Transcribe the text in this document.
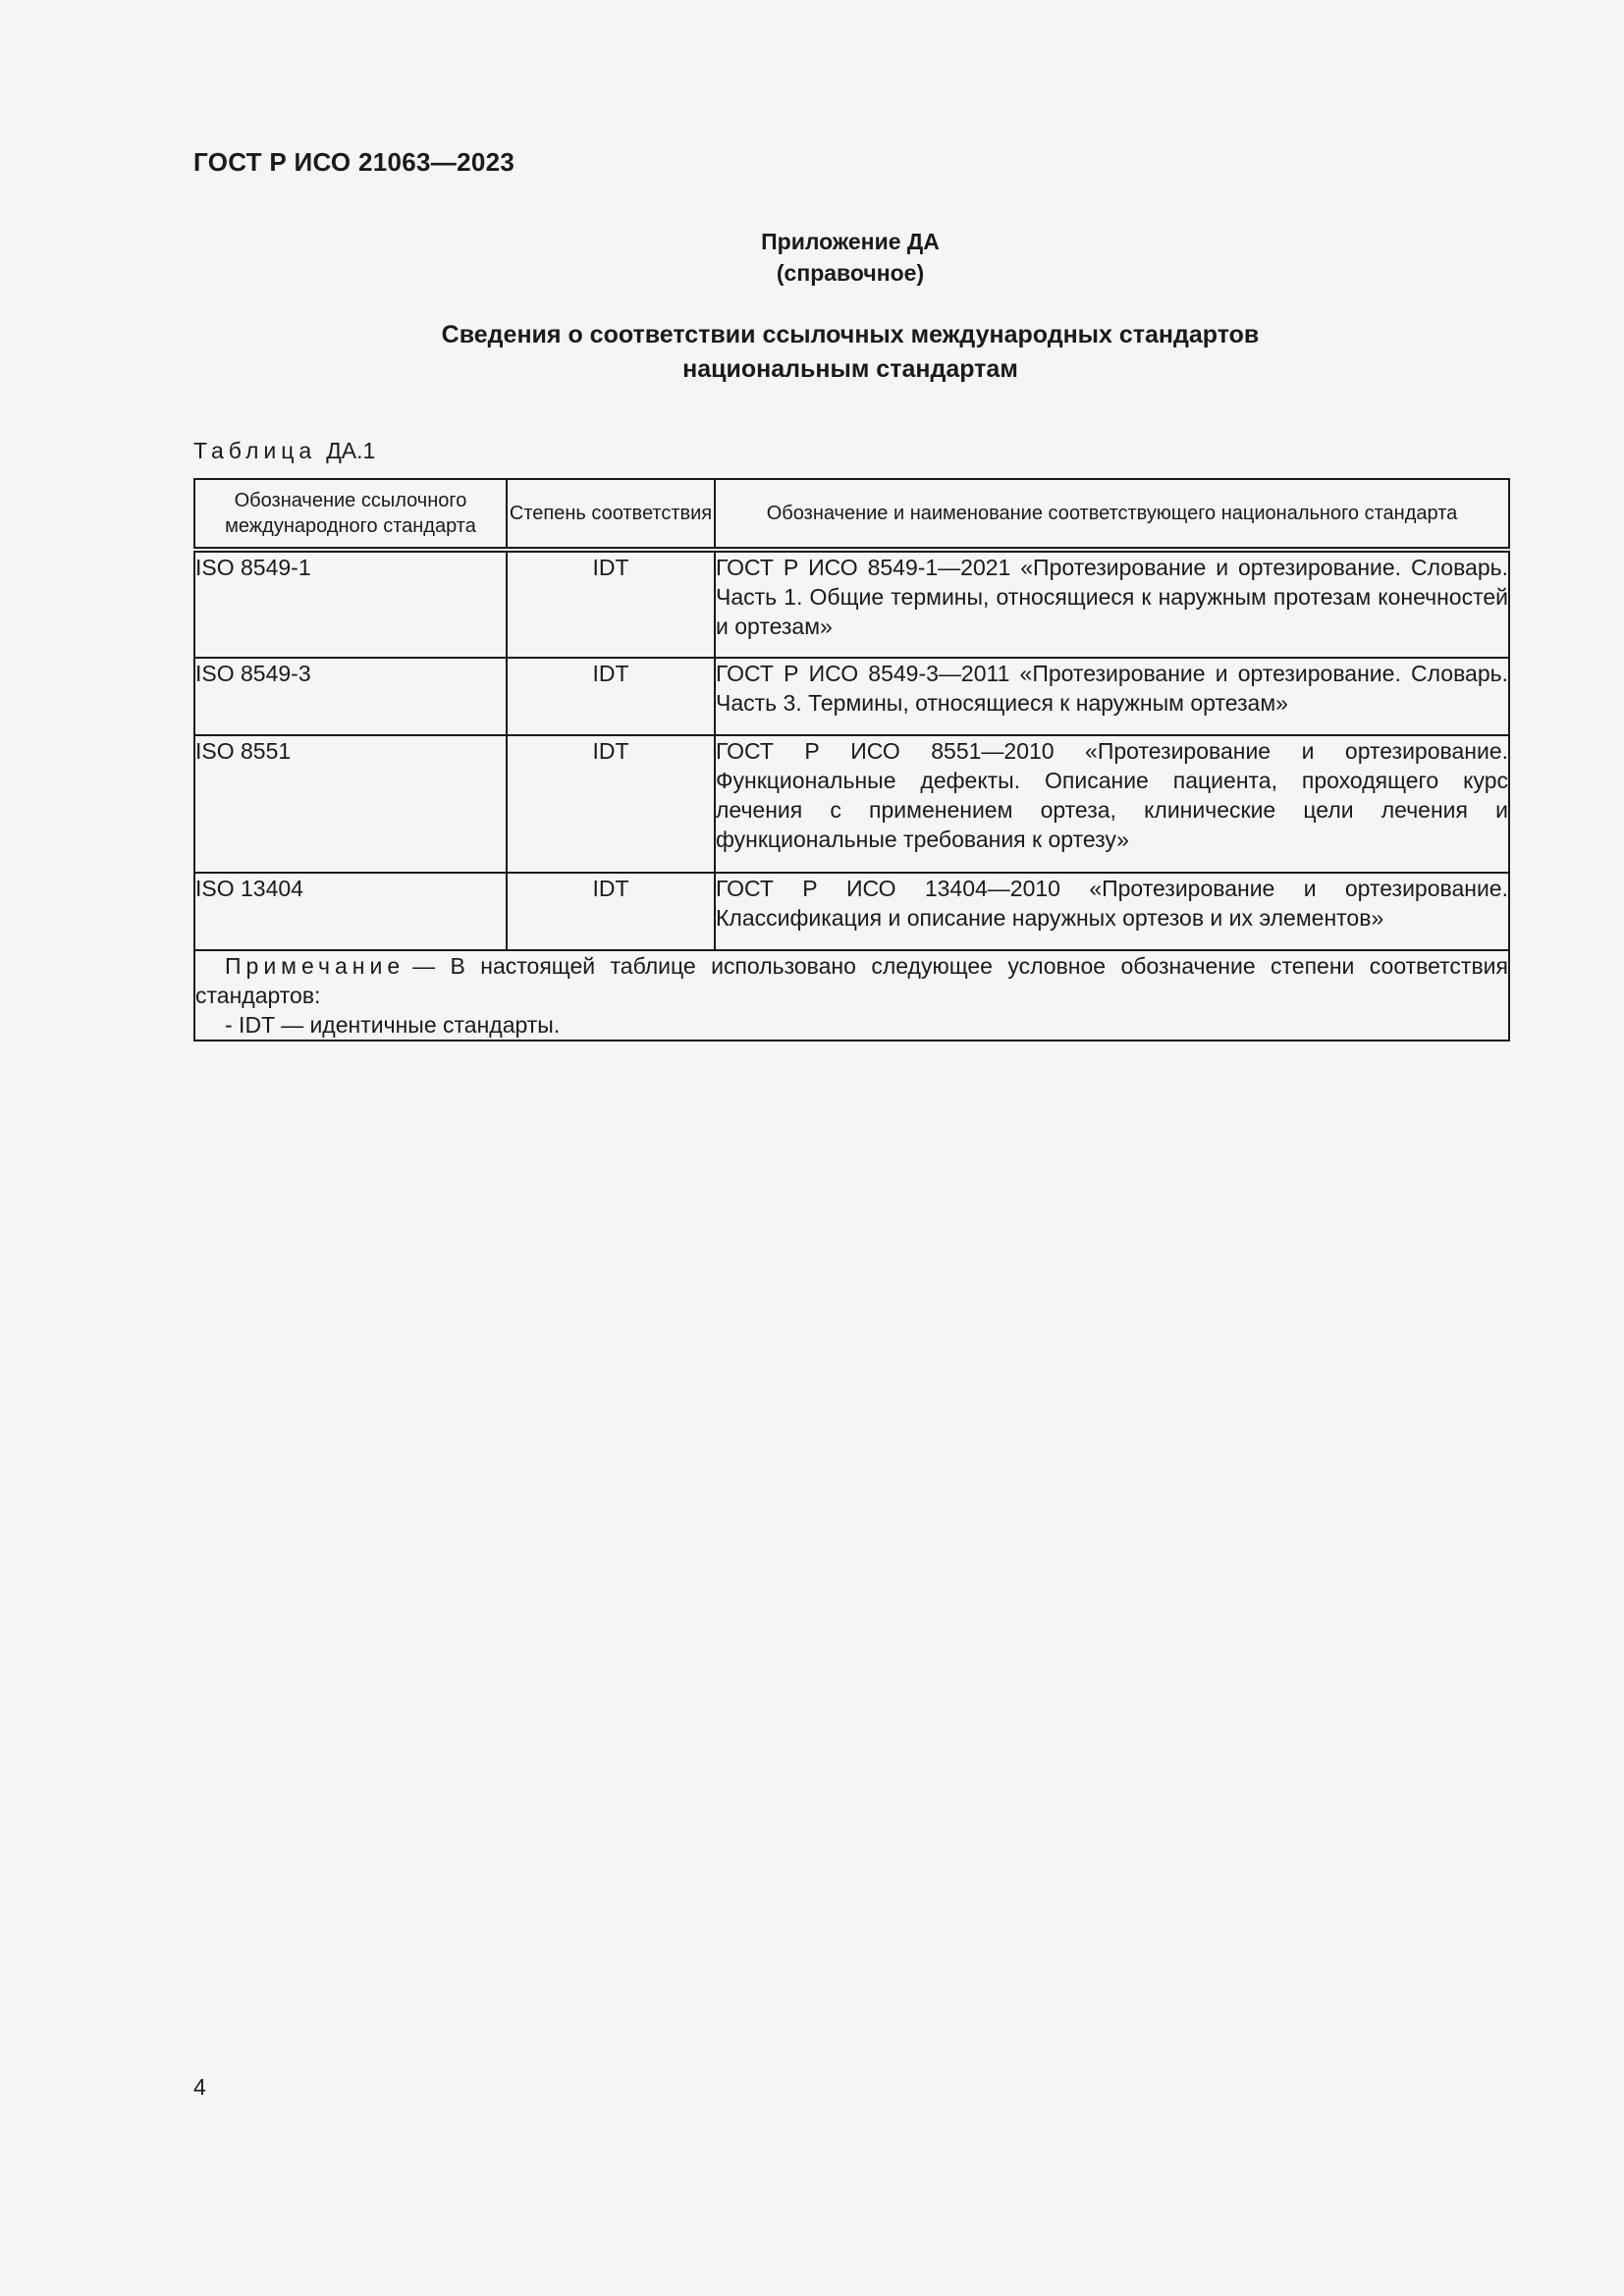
ГОСТ Р ИСО 21063—2023
Приложение ДА
(справочное)
Сведения о соответствии ссылочных международных стандартов
национальным стандартам
Таблица ДА.1
Обозначение ссылочного международного стандарта	Степень соответствия	Обозначение и наименование соответствующего национального стандарта
ISO 8549-1	IDT	ГОСТ Р ИСО 8549-1—2021 «Протезирование и ортезирование. Словарь. Часть 1. Общие термины, относящиеся к наружным протезам конечностей и ортезам»
ISO 8549-3	IDT	ГОСТ Р ИСО 8549-3—2011 «Протезирование и ортезирование. Словарь. Часть 3. Термины, относящиеся к наружным ортезам»
ISO 8551	IDT	ГОСТ Р ИСО 8551—2010 «Протезирование и ортезирование. Функциональные дефекты. Описание пациента, проходящего курс лечения с применением ортеза, клинические цели лечения и функциональные требования к ортезу»
ISO 13404	IDT	ГОСТ Р ИСО 13404—2010 «Протезирование и ортезирование. Классификация и описание наружных ортезов и их элементов»

Примечание — В настоящей таблице использовано следующее условное обозначение степени соответствия стандартов:
- IDT — идентичные стандарты.		
4
